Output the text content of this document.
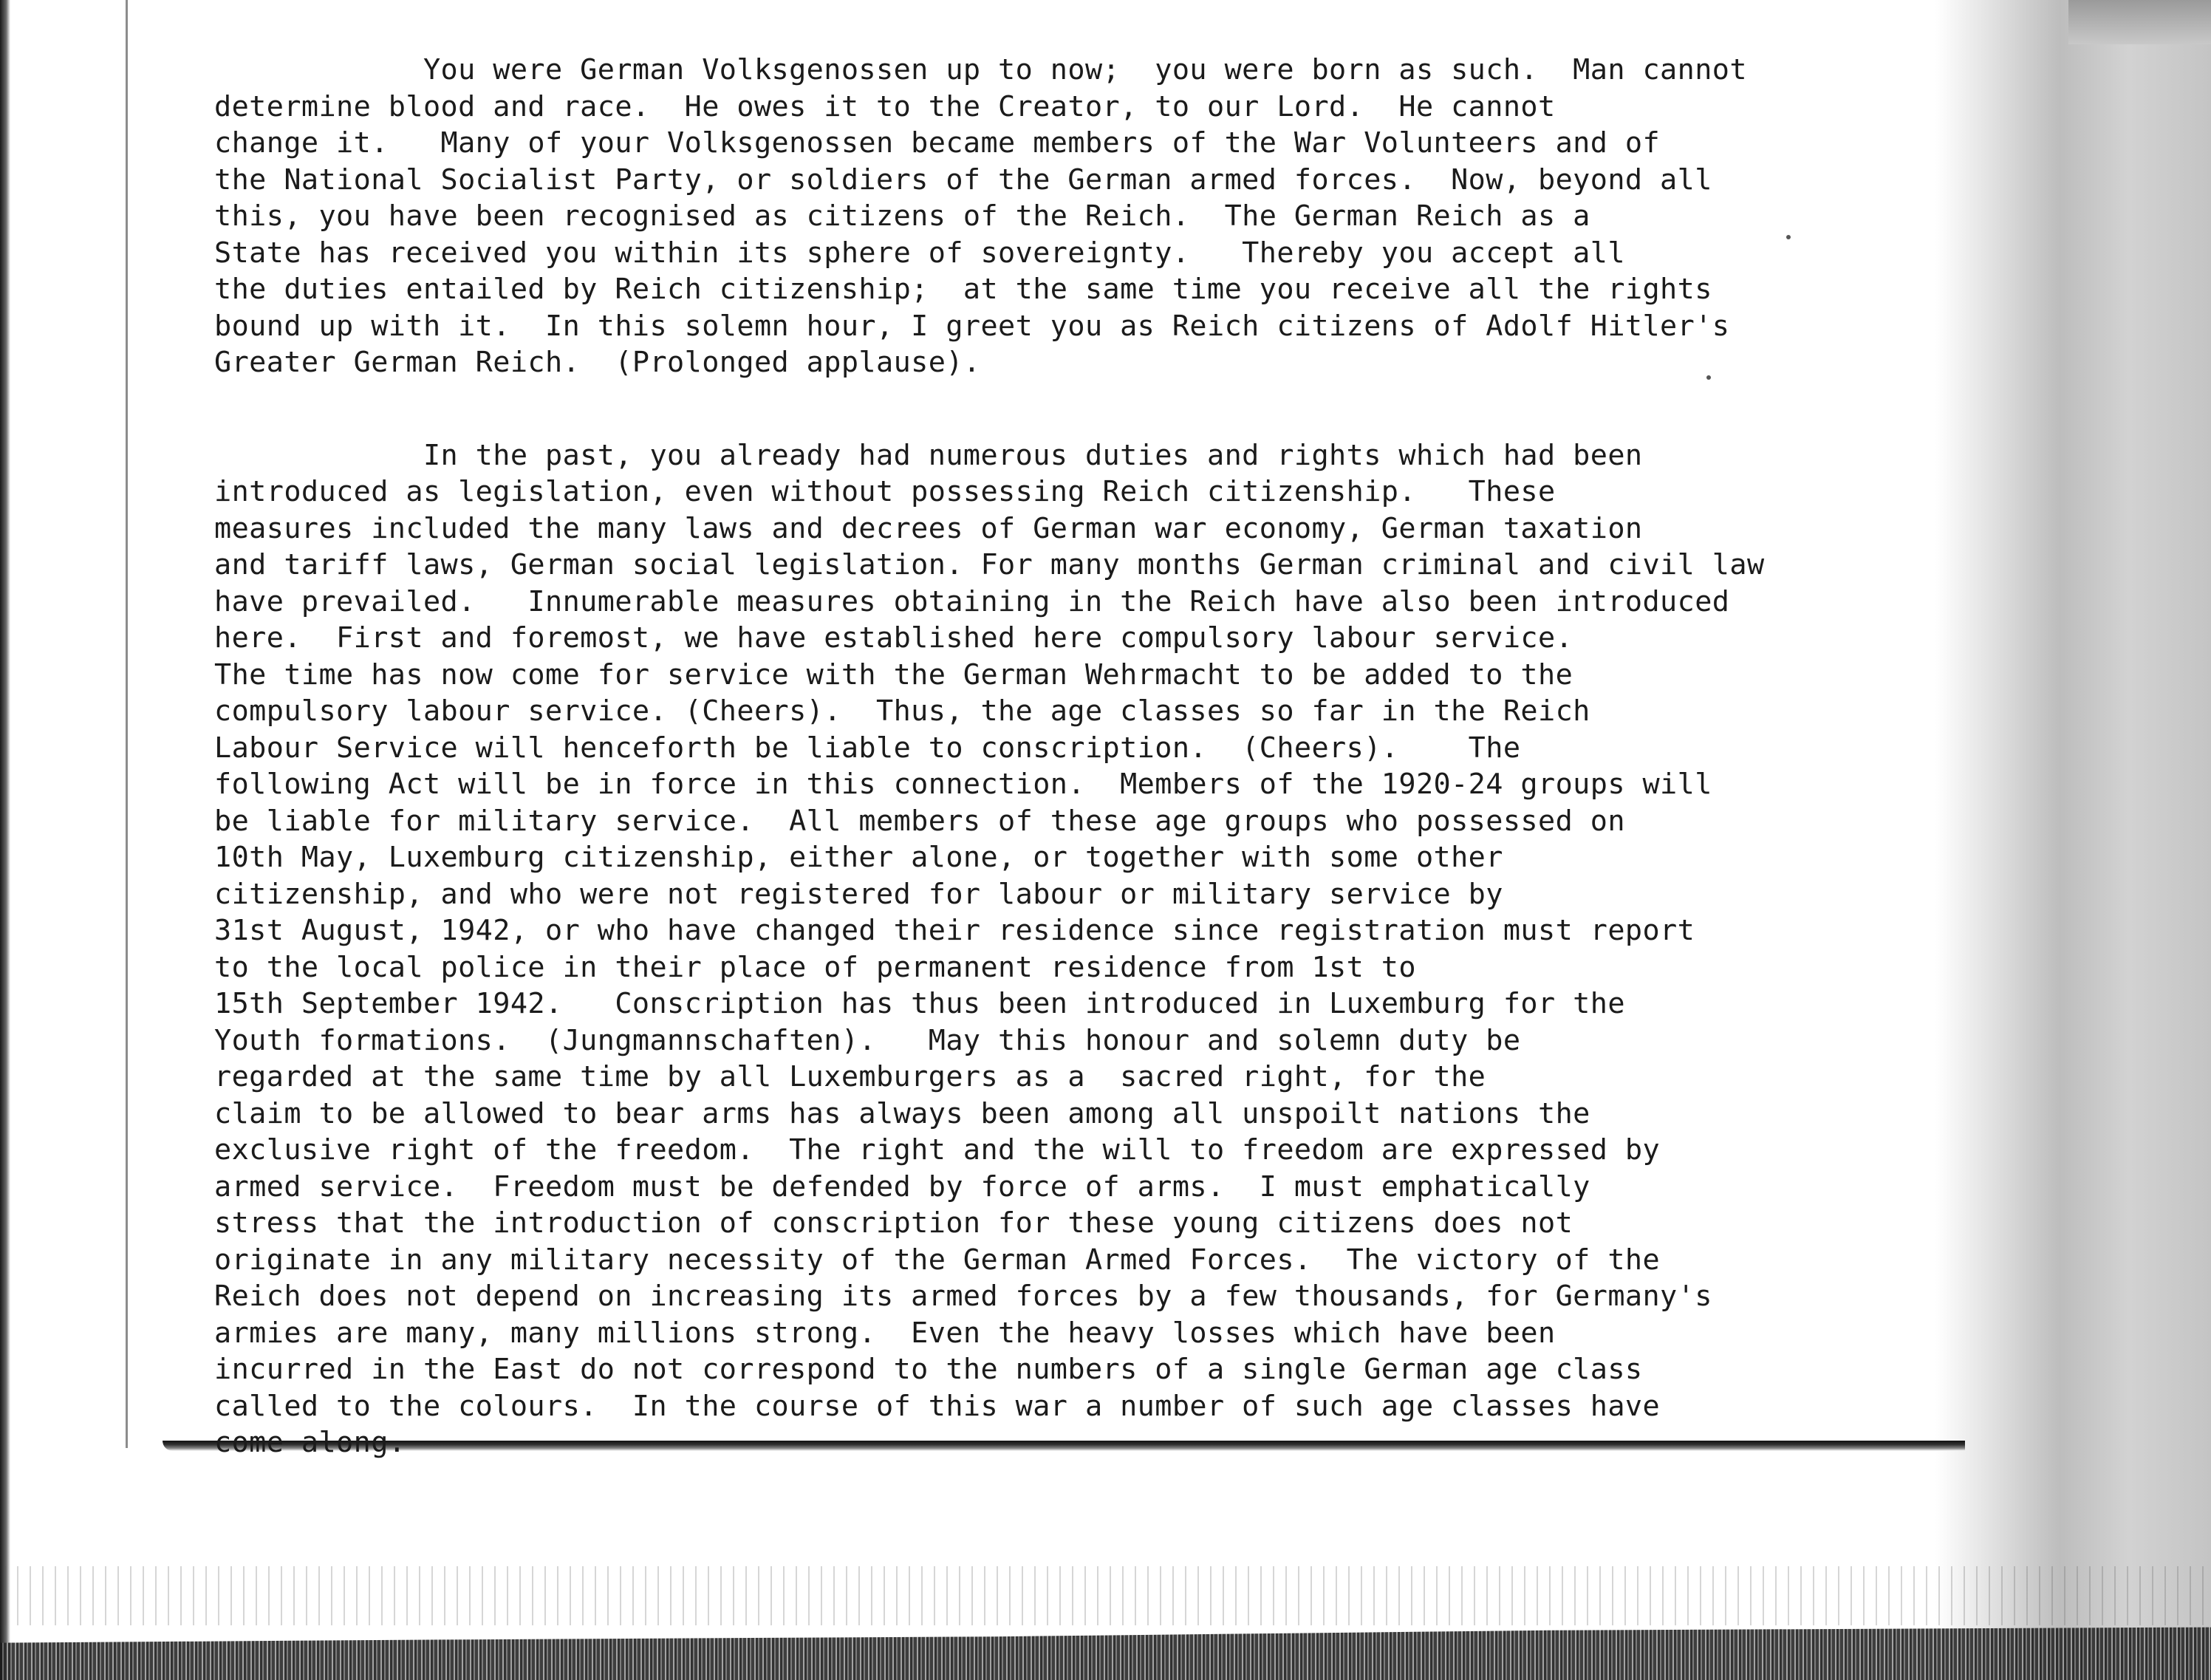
You were German Volksgenossen up to now;  you were born as such.  Man cannot
determine blood and race.  He owes it to the Creator, to our Lord.  He cannot
change it.   Many of your Volksgenossen became members of the War Volunteers and of
the National Socialist Party, or soldiers of the German armed forces.  Now, beyond all
this, you have been recognised as citizens of the Reich.  The German Reich as a
State has received you within its sphere of sovereignty.   Thereby you accept all
the duties entailed by Reich citizenship;  at the same time you receive all the rights
bound up with it.  In this solemn hour, I greet you as Reich citizens of Adolf Hitler's
Greater German Reich.  (Prolonged applause).
In the past, you already had numerous duties and rights which had been
introduced as legislation, even without possessing Reich citizenship.   These
measures included the many laws and decrees of German war economy, German taxation
and tariff laws, German social legislation. For many months German criminal and civil law
have prevailed.   Innumerable measures obtaining in the Reich have also been introduced
here.  First and foremost, we have established here compulsory labour service.
The time has now come for service with the German Wehrmacht to be added to the
compulsory labour service. (Cheers).  Thus, the age classes so far in the Reich
Labour Service will henceforth be liable to conscription.  (Cheers).    The
following Act will be in force in this connection.  Members of the 1920-24 groups will
be liable for military service.  All members of these age groups who possessed on
10th May, Luxemburg citizenship, either alone, or together with some other
citizenship, and who were not registered for labour or military service by
31st August, 1942, or who have changed their residence since registration must report
to the local police in their place of permanent residence from 1st to
15th September 1942.   Conscription has thus been introduced in Luxemburg for the
Youth formations.  (Jungmannschaften).   May this honour and solemn duty be
regarded at the same time by all Luxemburgers as a  sacred right, for the
claim to be allowed to bear arms has always been among all unspoilt nations the
exclusive right of the freedom.  The right and the will to freedom are expressed by
armed service.  Freedom must be defended by force of arms.  I must emphatically
stress that the introduction of conscription for these young citizens does not
originate in any military necessity of the German Armed Forces.  The victory of the
Reich does not depend on increasing its armed forces by a few thousands, for Germany's
armies are many, many millions strong.  Even the heavy losses which have been
incurred in the East do not correspond to the numbers of a single German age class
called to the colours.  In the course of this war a number of such age classes have
come along.
